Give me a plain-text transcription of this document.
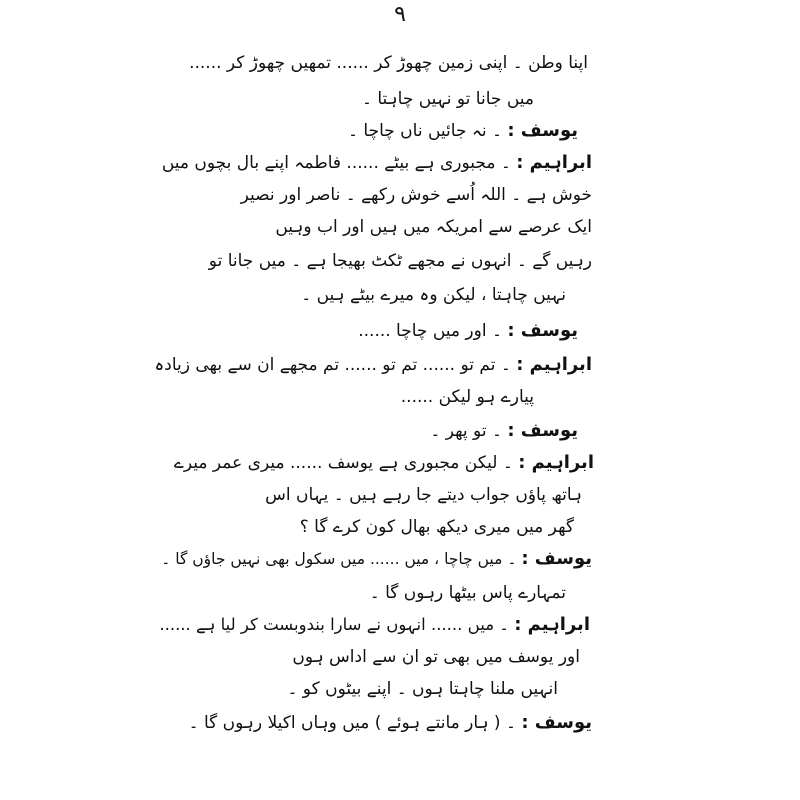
۹
اپنا وطن ۔ اپنی زمین چھوڑ کر ...... تمھیں چھوڑ کر ......
میں جانا تو نہیں چاہتا ۔
یوسف : ۔ نہ جائیں ناں چاچا ۔
ابراہیم : ۔ مجبوری ہے بیٹے ...... فاطمہ اپنے بال بچوں میں
خوش ہے ۔ اللہ اُسے خوش رکھے ۔ ناصر اور نصیر
ایک عرصے سے امریکہ میں ہیں اور اب وہیں
رہیں گے ۔ انہوں نے مجھے ٹکٹ بھیجا ہے ۔ میں جانا تو
نہیں چاہتا ، لیکن وہ میرے بیٹے ہیں ۔
یوسف : ۔ اور میں چاچا ......
ابراہیم : ۔ تم تو ...... تم تو ...... تم مجھے ان سے بھی زیادہ
پیارے ہو لیکن ......
یوسف : ۔ تو پھر ۔
ابراہیم : ۔ لیکن مجبوری ہے یوسف ...... میری عمر میرے
ہاتھ پاؤں جواب دیتے جا رہے ہیں ۔ یہاں اس
گھر میں میری دیکھ بھال کون کرے گا ؟
یوسف : ۔ میں چاچا ، میں ...... میں سکول بھی نہیں جاؤں گا ۔
تمہارے پاس بیٹھا رہوں گا ۔
ابراہیم : ۔ میں ...... انہوں نے سارا بندوبست کر لیا ہے ......
اور یوسف میں بھی تو ان سے اداس ہوں
انہیں ملنا چاہتا ہوں ۔ اپنے بیٹوں کو ۔
یوسف : ۔ ( ہار مانتے ہوئے ) میں وہاں اکیلا رہوں گا ۔
